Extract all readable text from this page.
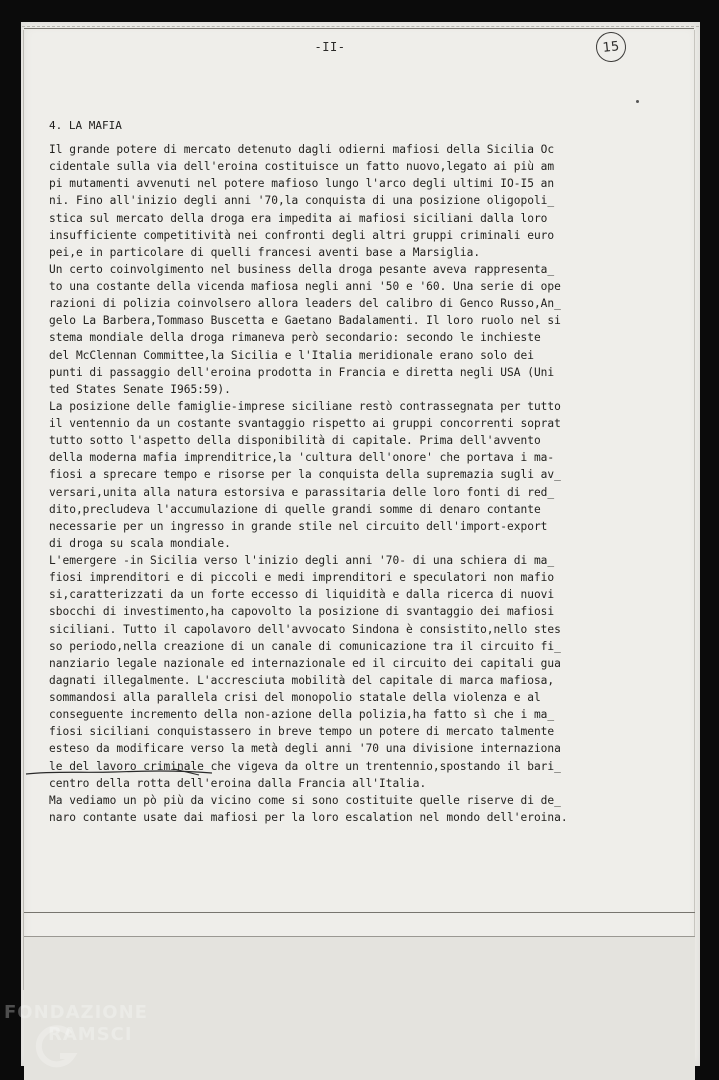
-II-	15
4. LA MAFIA
Il grande potere di mercato detenuto dagli odierni mafiosi della Sicilia Oc
cidentale sulla via dell'eroina costituisce un fatto nuovo,legato ai più am
pi mutamenti avvenuti nel potere mafioso lungo l'arco degli ultimi IO-I5 an
ni. Fino all'inizio degli anni '70,la conquista di una posizione oligopoli_
stica sul mercato della droga era impedita ai mafiosi siciliani dalla loro
insufficiente competitività nei confronti degli altri gruppi criminali euro
pei,e in particolare di quelli francesi aventi base a Marsiglia.
Un certo coinvolgimento nel business della droga pesante aveva rappresenta_
to una costante della vicenda mafiosa negli anni '50 e '60. Una serie di ope
razioni di polizia coinvolsero allora leaders del calibro di Genco Russo,An_
gelo La Barbera,Tommaso Buscetta e Gaetano Badalamenti. Il loro ruolo nel si
stema mondiale della droga rimaneva però secondario: secondo le inchieste
del McClennan Committee,la Sicilia e l'Italia meridionale erano solo dei
punti di passaggio dell'eroina prodotta in Francia e diretta negli USA (Uni
ted States Senate I965:59).
La posizione delle famiglie-imprese siciliane restò contrassegnata per tutto
il ventennio da un costante svantaggio rispetto ai gruppi concorrenti soprat
tutto sotto l'aspetto della disponibilità di capitale. Prima dell'avvento
della moderna mafia imprenditrice,la 'cultura dell'onore' che portava i ma-
fiosi a sprecare tempo e risorse per la conquista della supremazia sugli av_
versari,unita alla natura estorsiva e parassitaria delle loro fonti di red_
dito,precludeva l'accumulazione di quelle grandi somme di denaro contante
necessarie per un ingresso in grande stile nel circuito dell'import-export
di droga su scala mondiale.
L'emergere -in Sicilia verso l'inizio degli anni '70- di una schiera di ma_
fiosi imprenditori e di piccoli e medi imprenditori e speculatori non mafio
si,caratterizzati da un forte eccesso di liquidità e dalla ricerca di nuovi
sbocchi di investimento,ha capovolto la posizione di svantaggio dei mafiosi
siciliani. Tutto il capolavoro dell'avvocato Sindona è consistito,nello stes
so periodo,nella creazione di un canale di comunicazione tra il circuito fi_
nanziario legale nazionale ed internazionale ed il circuito dei capitali gua
dagnati illegalmente. L'accresciuta mobilità del capitale di marca mafiosa,
sommandosi alla parallela crisi del monopolio statale della violenza e al
conseguente incremento della non-azione della polizia,ha fatto sì che i ma_
fiosi siciliani conquistassero in breve tempo un potere di mercato talmente
esteso da modificare verso la metà degli anni '70 una divisione internaziona
le del lavoro criminale che vigeva da oltre un trentennio,spostando il bari_
centro della rotta dell'eroina dalla Francia all'Italia.
Ma vediamo un pò più da vicino come si sono costituite quelle riserve di de_
naro contante usate dai mafiosi per la loro escalation nel mondo dell'eroina.
FONDAZIONE
RAMSCI
